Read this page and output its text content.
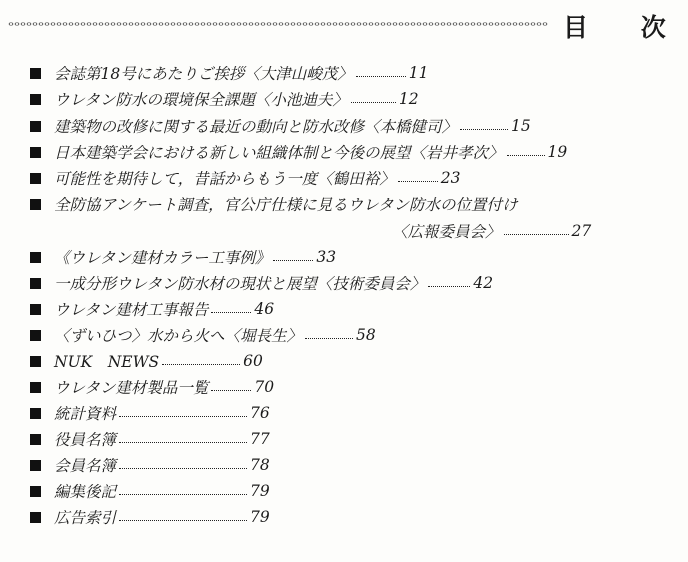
目 次
会誌第18号にあたりご挨拶〈大津山峻茂〉	11
ウレタン防水の環境保全課題〈小池迪夫〉	12
建築物の改修に関する最近の動向と防水改修〈本橋健司〉	15
日本建築学会における新しい組織体制と今後の展望〈岩井孝次〉	19
可能性を期待して，昔話からもう一度〈鶴田裕〉	23
全防協アンケート調査，官公庁仕様に見るウレタン防水の位置付け
〈広報委員会〉	27
《ウレタン建材カラー工事例》	33
一成分形ウレタン防水材の現状と展望〈技術委員会〉	42
ウレタン建材工事報告	46
〈ずいひつ〉水から火へ〈堀長生〉	58
NUK　NEWS	60
ウレタン建材製品一覧	70
統計資料	76
役員名簿	77
会員名簿	78
編集後記	79
広告索引	79
